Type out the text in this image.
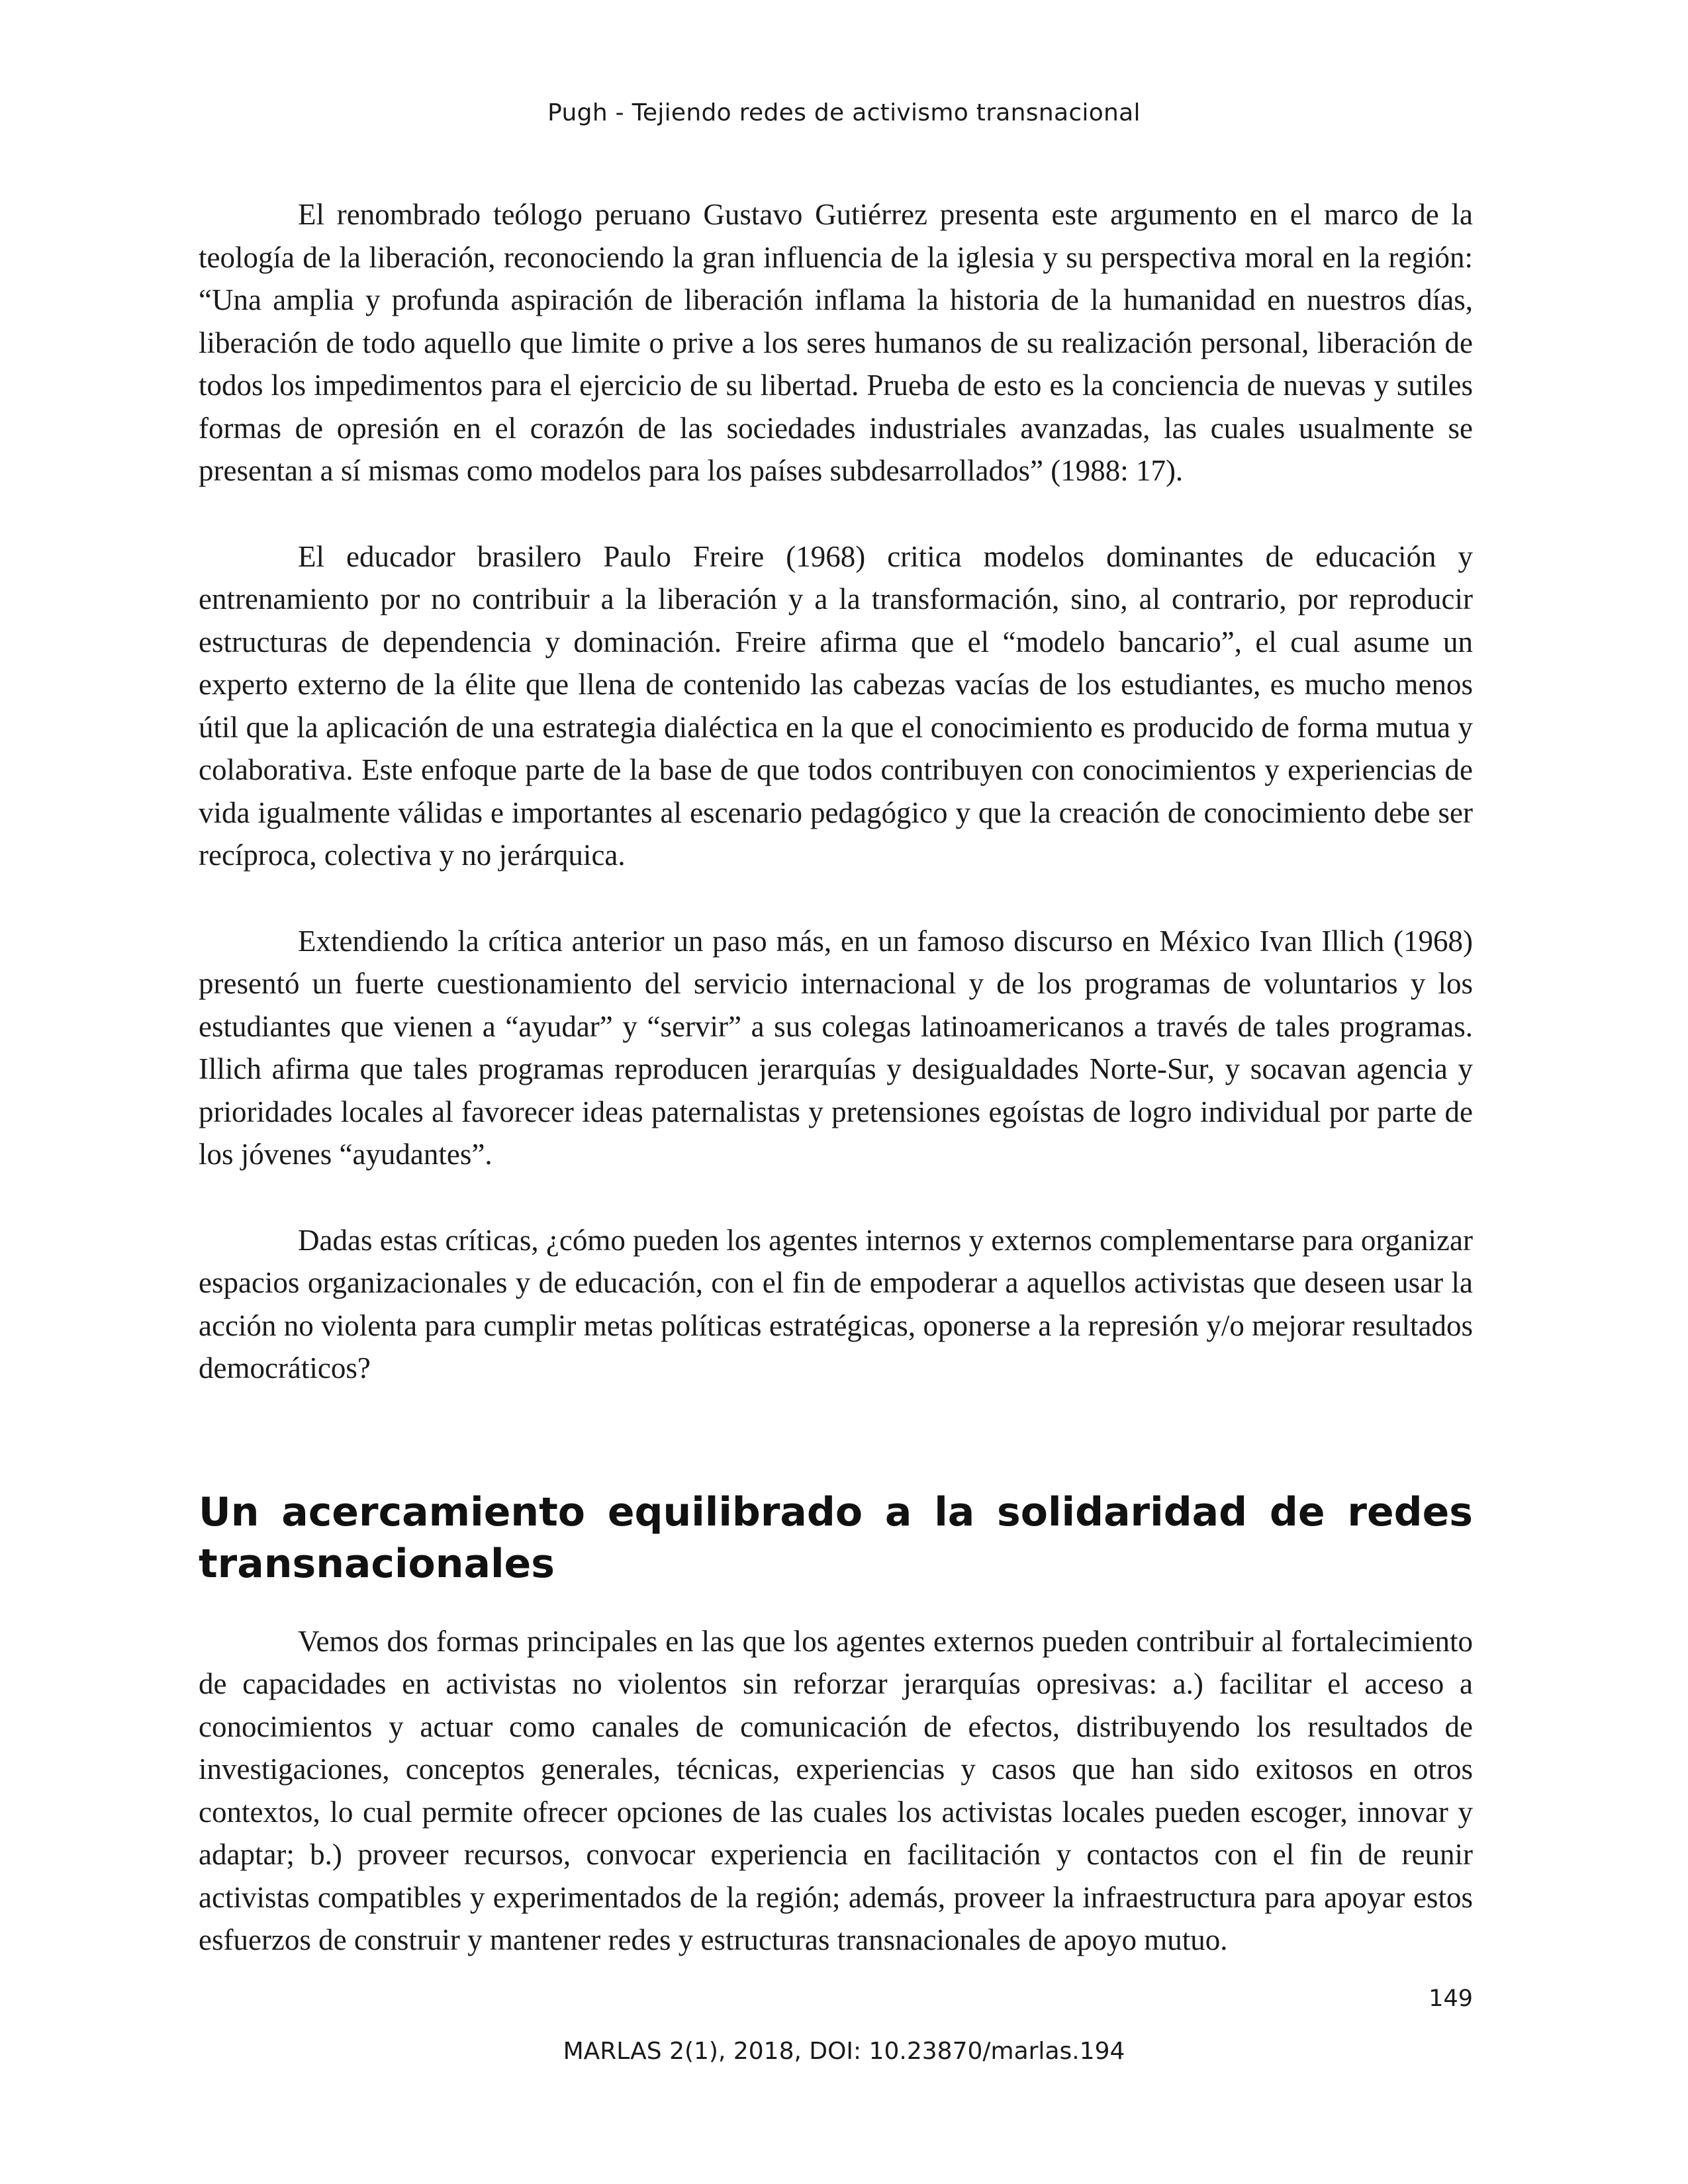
Pugh - Tejiendo redes de activismo transnacional

El renombrado teólogo peruano Gustavo Gutiérrez presenta este argumento en el marco de la teología de la liberación, reconociendo la gran influencia de la iglesia y su perspectiva moral en la región: “Una amplia y profunda aspiración de liberación inflama la historia de la humanidad en nuestros días, liberación de todo aquello que limite o prive a los seres humanos de su realización personal, liberación de todos los impedimentos para el ejercicio de su libertad. Prueba de esto es la conciencia de nuevas y sutiles formas de opresión en el corazón de las sociedades industriales avanzadas, las cuales usualmente se presentan a sí mismas como modelos para los países subdesarrollados” (1988: 17).

El educador brasilero Paulo Freire (1968) critica modelos dominantes de educación y entrenamiento por no contribuir a la liberación y a la transformación, sino, al contrario, por reproducir estructuras de dependencia y dominación. Freire afirma que el “modelo bancario”, el cual asume un experto externo de la élite que llena de contenido las cabezas vacías de los estudiantes, es mucho menos útil que la aplicación de una estrategia dialéctica en la que el conocimiento es producido de forma mutua y colaborativa. Este enfoque parte de la base de que todos contribuyen con conocimientos y experiencias de vida igualmente válidas e importantes al escenario pedagógico y que la creación de conocimiento debe ser recíproca, colectiva y no jerárquica.

Extendiendo la crítica anterior un paso más, en un famoso discurso en México Ivan Illich (1968) presentó un fuerte cuestionamiento del servicio internacional y de los programas de voluntarios y los estudiantes que vienen a “ayudar” y “servir” a sus colegas latinoamericanos a través de tales programas. Illich afirma que tales programas reproducen jerarquías y desigualdades Norte-Sur, y socavan agencia y prioridades locales al favorecer ideas paternalistas y pretensiones egoístas de logro individual por parte de los jóvenes “ayudantes”.

Dadas estas críticas, ¿cómo pueden los agentes internos y externos complementarse para organizar espacios organizacionales y de educación, con el fin de empoderar a aquellos activistas que deseen usar la acción no violenta para cumplir metas políticas estratégicas, oponerse a la represión y/o mejorar resultados democráticos?

Un acercamiento equilibrado a la solidaridad de redes transnacionales

Vemos dos formas principales en las que los agentes externos pueden contribuir al fortalecimiento de capacidades en activistas no violentos sin reforzar jerarquías opresivas: a.) facilitar el acceso a conocimientos y actuar como canales de comunicación de efectos, distribuyendo los resultados de investigaciones, conceptos generales, técnicas, experiencias y casos que han sido exitosos en otros contextos, lo cual permite ofrecer opciones de las cuales los activistas locales pueden escoger, innovar y adaptar; b.) proveer recursos, convocar experiencia en facilitación y contactos con el fin de reunir activistas compatibles y experimentados de la región; además, proveer la infraestructura para apoyar estos esfuerzos de construir y mantener redes y estructuras transnacionales de apoyo mutuo.

149
MARLAS 2(1), 2018, DOI: 10.23870/marlas.194
